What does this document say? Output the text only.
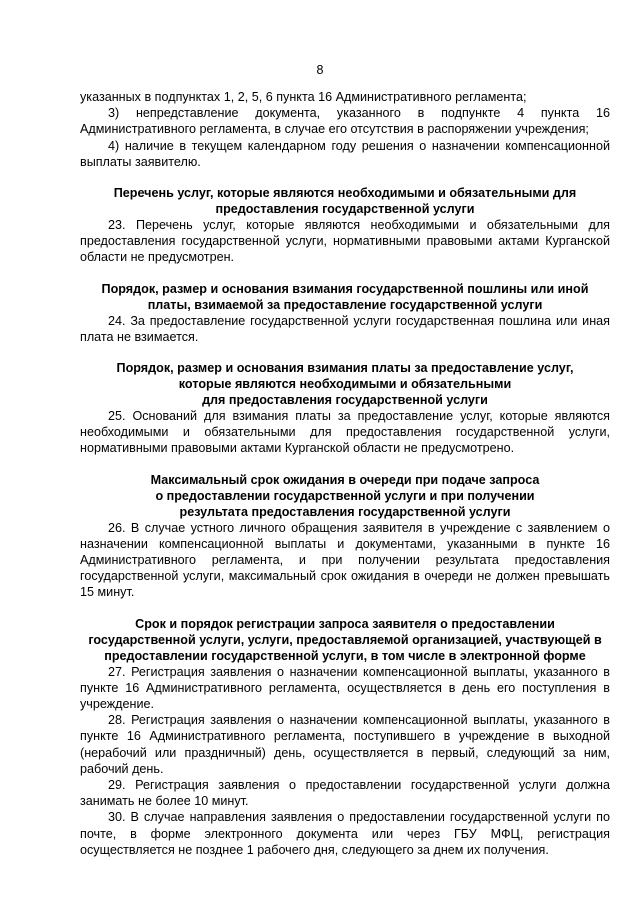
8

указанных в подпунктах 1, 2, 5, 6 пункта 16 Административного регламента;

3) непредставление документа, указанного в подпункте 4 пункта 16 Административного регламента, в случае его отсутствия в распоряжении учреждения;

4) наличие в текущем календарном году решения о назначении компенсационной выплаты заявителю.

Перечень услуг, которые являются необходимыми и обязательными для
предоставления государственной услуги

23. Перечень услуг, которые являются необходимыми и обязательными для предоставления государственной услуги, нормативными правовыми актами Курганской области не предусмотрен.

Порядок, размер и основания взимания государственной пошлины или иной
платы, взимаемой за предоставление государственной услуги

24. За предоставление государственной услуги государственная пошлина или иная плата не взимается.

Порядок, размер и основания взимания платы за предоставление услуг,
которые являются необходимыми и обязательными
для предоставления государственной услуги

25. Оснований для взимания платы за предоставление услуг, которые являются необходимыми и обязательными для предоставления государственной услуги, нормативными правовыми актами Курганской области не предусмотрено.

Максимальный срок ожидания в очереди при подаче запроса
о предоставлении государственной услуги и при получении
результата предоставления государственной услуги

26. В случае устного личного обращения заявителя в учреждение с заявлением о назначении компенсационной выплаты и документами, указанными в пункте 16 Административного регламента, и при получении результата предоставления государственной услуги, максимальный срок ожидания в очереди не должен превышать 15 минут.

Срок и порядок регистрации запроса заявителя о предоставлении
государственной услуги, услуги, предоставляемой организацией, участвующей в
предоставлении государственной услуги, в том числе в электронной форме

27. Регистрация заявления о назначении компенсационной выплаты, указанного в пункте 16 Административного регламента, осуществляется в день его поступления в учреждение.

28. Регистрация заявления о назначении компенсационной выплаты, указанного в пункте 16 Административного регламента, поступившего в учреждение в выходной (нерабочий или праздничный) день, осуществляется в первый, следующий за ним, рабочий день.

29. Регистрация заявления о предоставлении государственной услуги должна занимать не более 10 минут.

30. В случае направления заявления о предоставлении государственной услуги по почте, в форме электронного документа или через ГБУ МФЦ, регистрация осуществляется не позднее 1 рабочего дня, следующего за днем их получения.
